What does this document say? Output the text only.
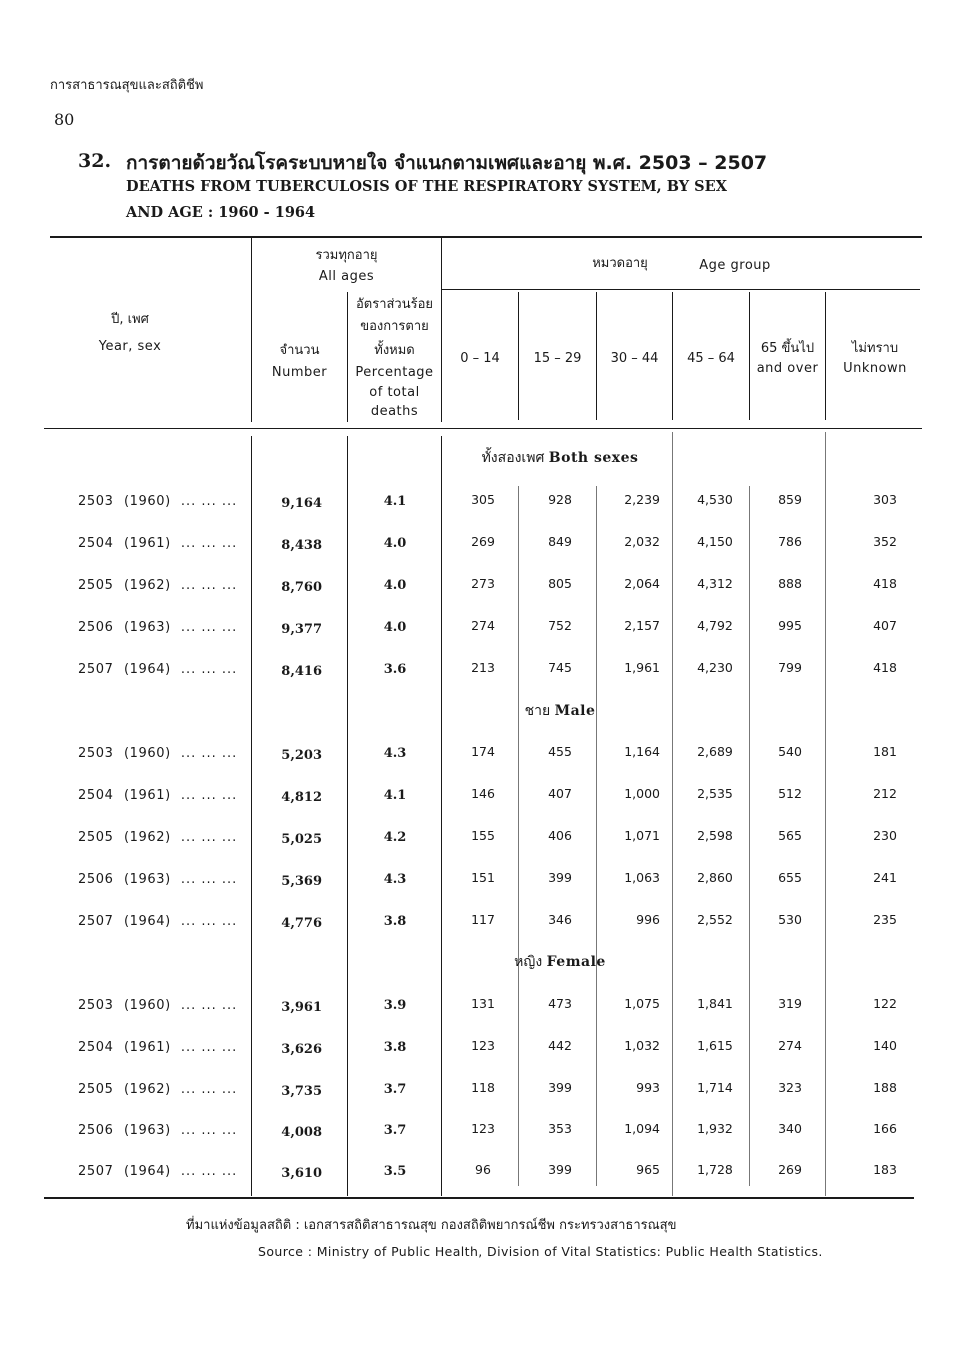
การสาธารณสุขและสถิติชีพ
80
32. การตายด้วยวัณโรคระบบหายใจ จำแนกตามเพศและอายุ พ.ศ. 2503 – 2507
DEATHS FROM TUBERCULOSIS OF THE RESPIRATORY SYSTEM, BY SEX
AND AGE : 1960 - 1964
ปี, เพศ
Year, sex
รวมทุกอายุ
All ages
หมวดอายุ	Age group
จำนวน
Number
อัตราส่วนร้อย
ของการตาย
ทั้งหมด
Percentage
of total
deaths
0 – 14	15 – 29	30 – 44	45 – 64
65 ขึ้นไป
and over
ไม่ทราบ
Unknown
ทั้งสองเพศ Both sexes
2503 (1960) ... ... ...	9,164	4.1	305	928	2,239	4,530	859	303
2504 (1961) ... ... ...	8,438	4.0	269	849	2,032	4,150	786	352
2505 (1962) ... ... ...	8,760	4.0	273	805	2,064	4,312	888	418
2506 (1963) ... ... ...	9,377	4.0	274	752	2,157	4,792	995	407
2507 (1964) ... ... ...	8,416	3.6	213	745	1,961	4,230	799	418
ชาย Male
2503 (1960) ... ... ...	5,203	4.3	174	455	1,164	2,689	540	181
2504 (1961) ... ... ...	4,812	4.1	146	407	1,000	2,535	512	212
2505 (1962) ... ... ...	5,025	4.2	155	406	1,071	2,598	565	230
2506 (1963) ... ... ...	5,369	4.3	151	399	1,063	2,860	655	241
2507 (1964) ... ... ...	4,776	3.8	117	346	996	2,552	530	235
หญิง Female
2503 (1960) ... ... ...	3,961	3.9	131	473	1,075	1,841	319	122
2504 (1961) ... ... ...	3,626	3.8	123	442	1,032	1,615	274	140
2505 (1962) ... ... ...	3,735	3.7	118	399	993	1,714	323	188
2506 (1963) ... ... ...	4,008	3.7	123	353	1,094	1,932	340	166
2507 (1964) ... ... ...	3,610	3.5	96	399	965	1,728	269	183
ที่มาแห่งข้อมูลสถิติ : เอกสารสถิติสาธารณสุข กองสถิติพยากรณ์ชีพ กระทรวงสาธารณสุข
Source : Ministry of Public Health, Division of Vital Statistics: Public Health Statistics.
